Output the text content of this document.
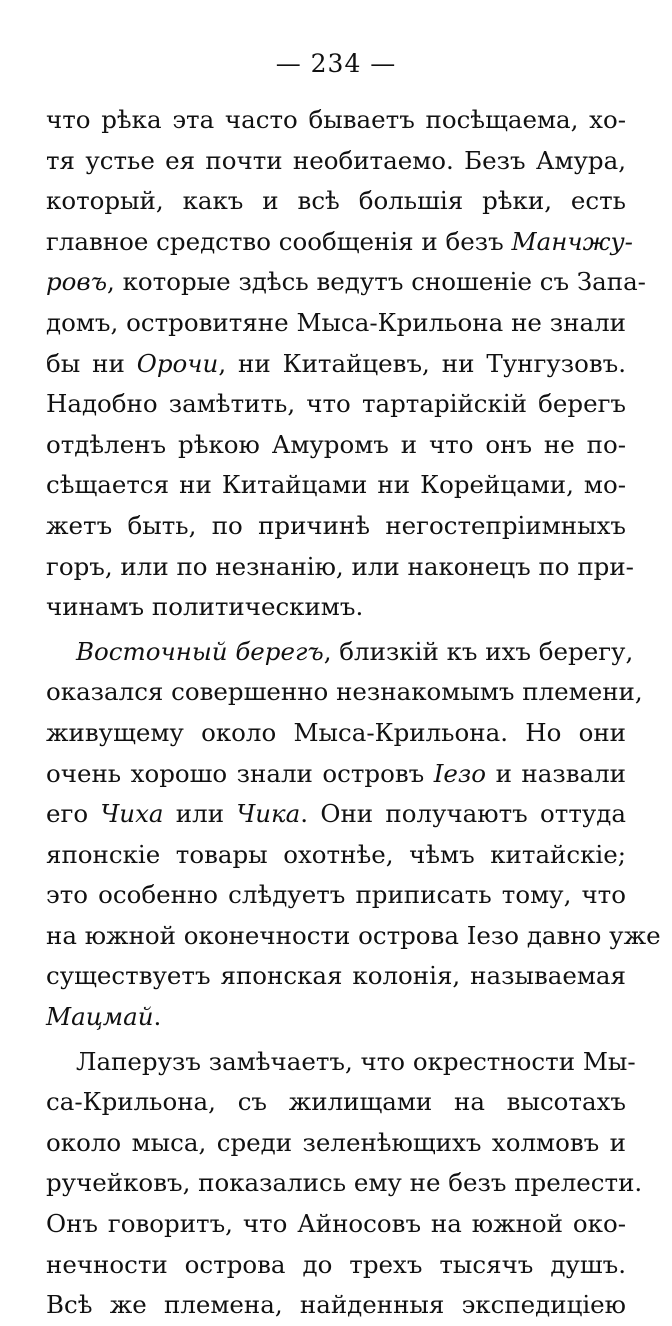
— 234 —
что рѣка эта часто бываетъ посѣщаема, хо-
тя устье ея почти необитаемо. Безъ Амура,
который, какъ и всѣ большія рѣки, есть
главное средство сообщенія и безъ Манчжу-
ровъ, которые здѣсь ведутъ сношеніе съ Запа-
домъ, островитяне Мыса-Крильона не знали
бы ни Орочи, ни Китайцевъ, ни Тунгузовъ.
Надобно замѣтить, что тартарійскій берегъ
отдѣленъ рѣкою Амуромъ и что онъ не по-
сѣщается ни Китайцами ни Корейцами, мо-
жетъ быть, по причинѣ негостепріимныхъ
горъ, или по незнанію, или наконецъ по при-
чинамъ политическимъ.
Восточный берегъ, близкій къ ихъ берегу,
оказался совершенно незнакомымъ племени,
живущему около Мыса-Крильона. Но они
очень хорошо знали островъ Іезо и назвали
его Чиха или Чика. Они получаютъ оттуда
японскіе товары охотнѣе, чѣмъ китайскіе;
это особенно слѣдуетъ приписать тому, что
на южной оконечности острова Іезо давно уже
существуетъ японская колонія, называемая
Мацмай.
Лаперузъ замѣчаетъ, что окрестности Мы-
са-Крильона, съ жилищами на высотахъ
около мыса, среди зеленѣющихъ холмовъ и
ручейковъ, показались ему не безъ прелести.
Онъ говоритъ, что Айносовъ на южной око-
нечности острова до трехъ тысячъ душъ.
Всѣ же племена, найденныя экспедиціею
